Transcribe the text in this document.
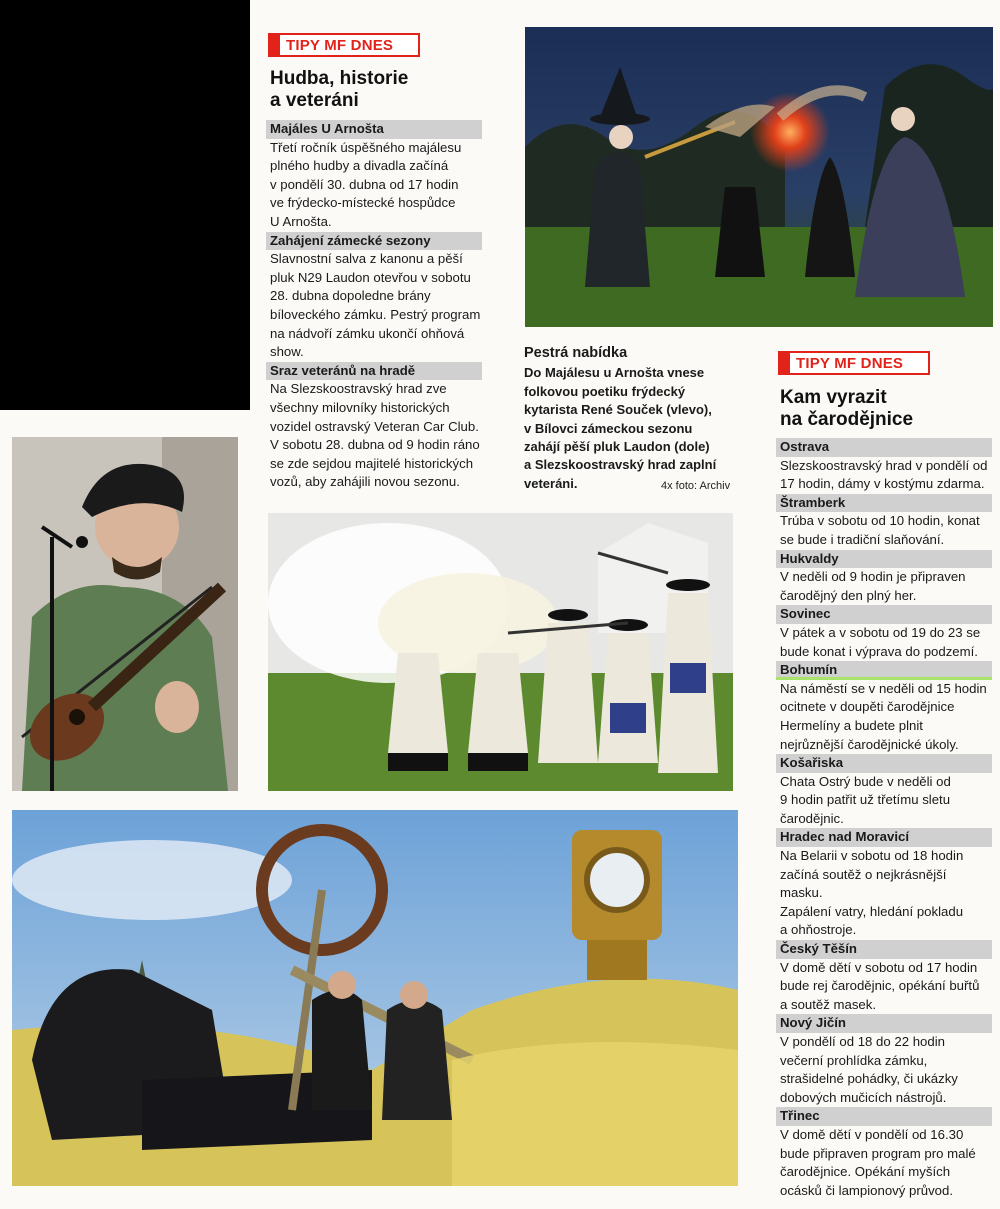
TIPY MF DNES
Hudba, historie
a veteráni
Majáles U Arnošta

Třetí ročník úspěšného majálesu

plného hudby a divadla začíná

v pondělí 30. dubna od 17 hodin

ve frýdecko-místecké hospůdce

U Arnošta.

Zahájení zámecké sezony

Slavnostní salva z kanonu a pěší

pluk N29 Laudon otevřou v sobotu

28. dubna dopoledne brány

bíloveckého zámku. Pestrý program

na nádvoří zámku ukončí ohňová

show.

Sraz veteránů na hradě

Na Slezskoostravský hrad zve

všechny milovníky historických

vozidel ostravský Veteran Car Club.

V sobotu 28. dubna od 9 hodin ráno

se zde sejdou majitelé historických

vozů, aby zahájili novou sezonu.

Pestrá nabídka
Do Majálesu u Arnošta vnese
folkovou poetiku frýdecký
kytarista René Souček (vlevo),
v Bílovci zámeckou sezonu
zahájí pěší pluk Laudon (dole)
a Slezskoostravský hrad zaplní
veteráni.	4x foto: Archiv
TIPY MF DNES
Kam vyrazit
na čarodějnice
Ostrava

Slezskoostravský hrad v pondělí od

17 hodin, dámy v kostýmu zdarma.

Štramberk

Trúba v sobotu od 10 hodin, konat

se bude i tradiční slaňování.

Hukvaldy

V neděli od 9 hodin je připraven

čarodějný den plný her.

Sovinec

V pátek a v sobotu od 19 do 23 se

bude konat i výprava do podzemí.

Bohumín

Na náměstí se v neděli od 15 hodin

ocitnete v doupěti čarodějnice

Hermelíny a budete plnit

nejrůznější čarodějnické úkoly.

Košařiska

Chata Ostrý bude v neděli od

9 hodin patřit už třetímu sletu

čarodějnic.

Hradec nad Moravicí

Na Belarii v sobotu od 18 hodin

začíná soutěž o nejkrásnější masku.

Zapálení vatry, hledání pokladu

a ohňostroje.

Český Těšín

V domě dětí v sobotu od 17 hodin

bude rej čarodějnic, opékání buřtů

a soutěž masek.

Nový Jičín

V pondělí od 18 do 22 hodin

večerní prohlídka zámku,

strašidelné pohádky, či ukázky

dobových mučicích nástrojů.

Třinec

V domě dětí v pondělí od 16.30

bude připraven program pro malé

čarodějnice. Opékání myších

ocásků či lampionový průvod.
